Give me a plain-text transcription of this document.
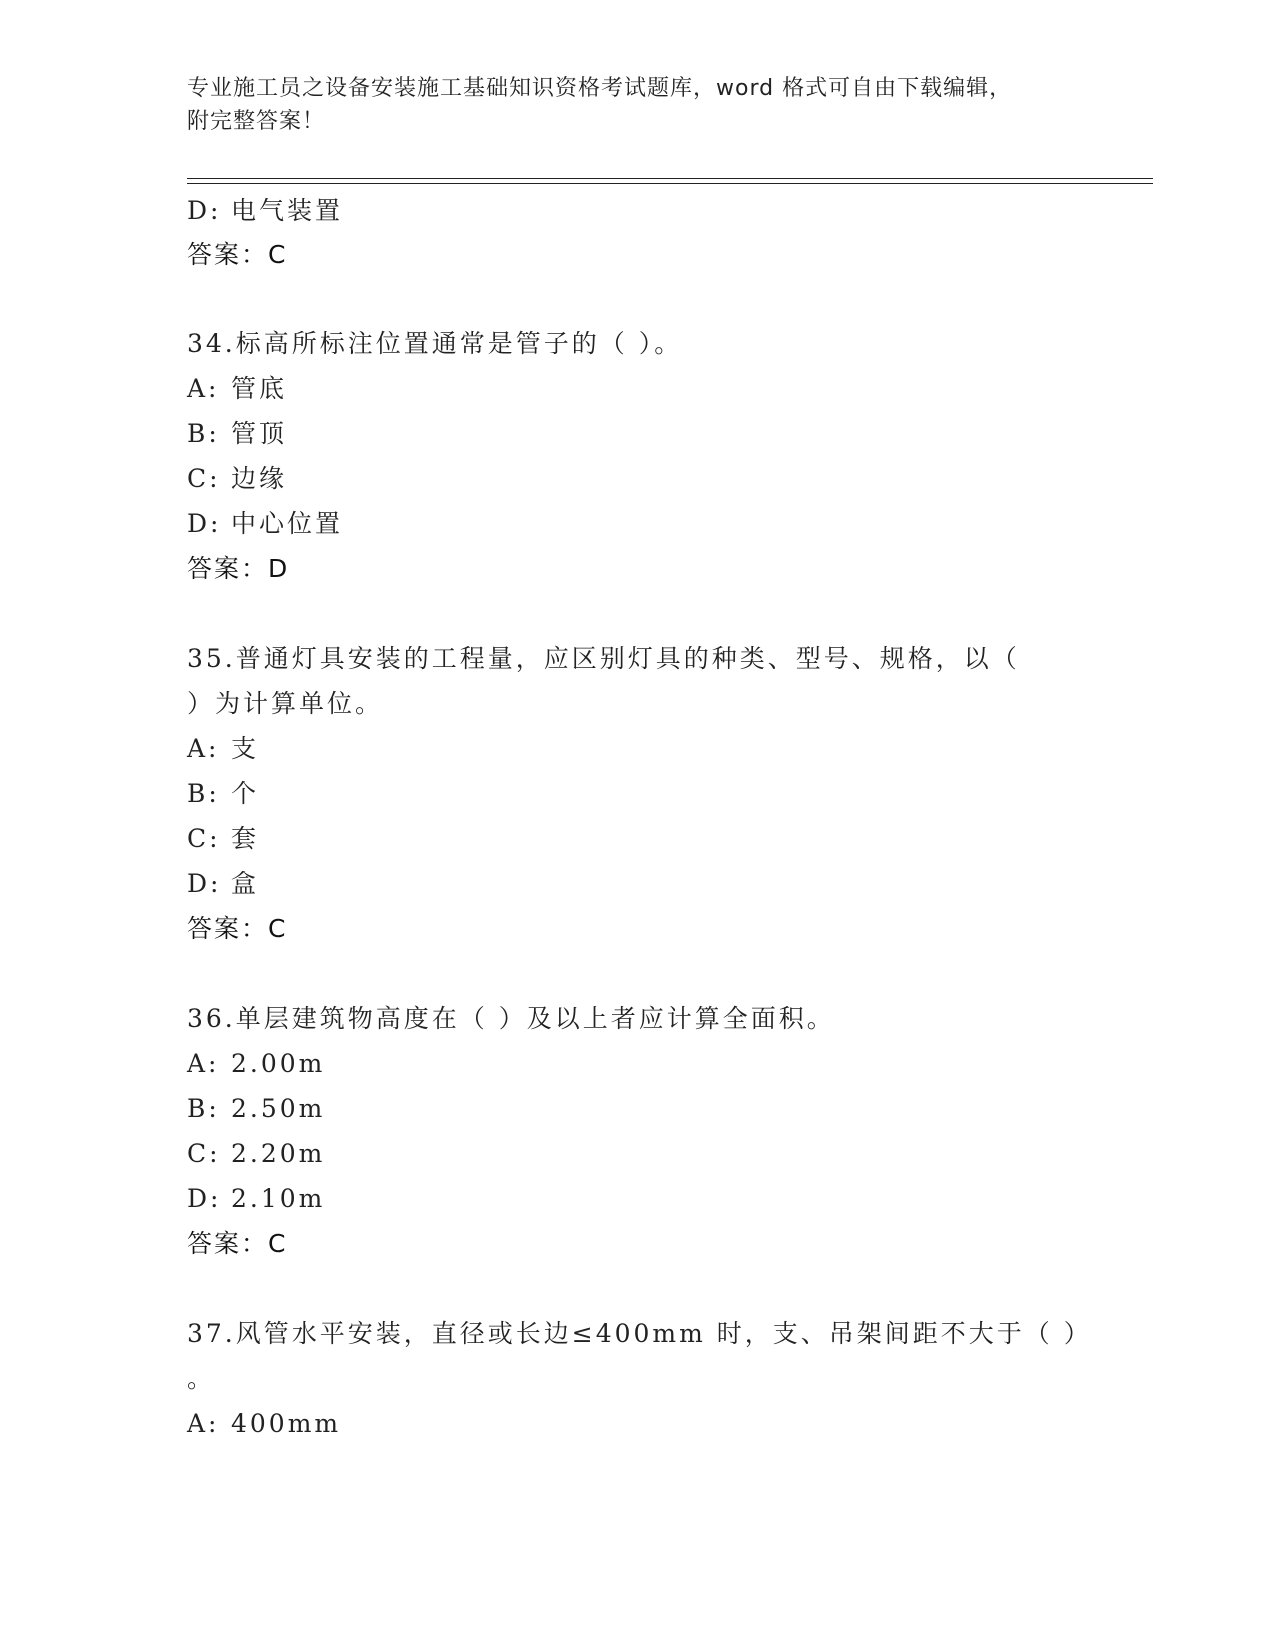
专业施工员之设备安装施工基础知识资格考试题库，word 格式可自由下载编辑，
附完整答案！
D: 电气装置
答案：C
34.标高所标注位置通常是管子的（ ）。
A: 管底
B: 管顶
C: 边缘
D: 中心位置
答案：D
35.普通灯具安装的工程量，应区别灯具的种类、型号、规格，以（
）为计算单位。
A: 支
B: 个
C: 套
D: 盒
答案：C
36.单层建筑物高度在（ ）及以上者应计算全面积。
A: 2.00m
B: 2.50m
C: 2.20m
D: 2.10m
答案：C
37.风管水平安装，直径或长边≤400mm 时，支、吊架间距不大于（ ）
。
A: 400mm
